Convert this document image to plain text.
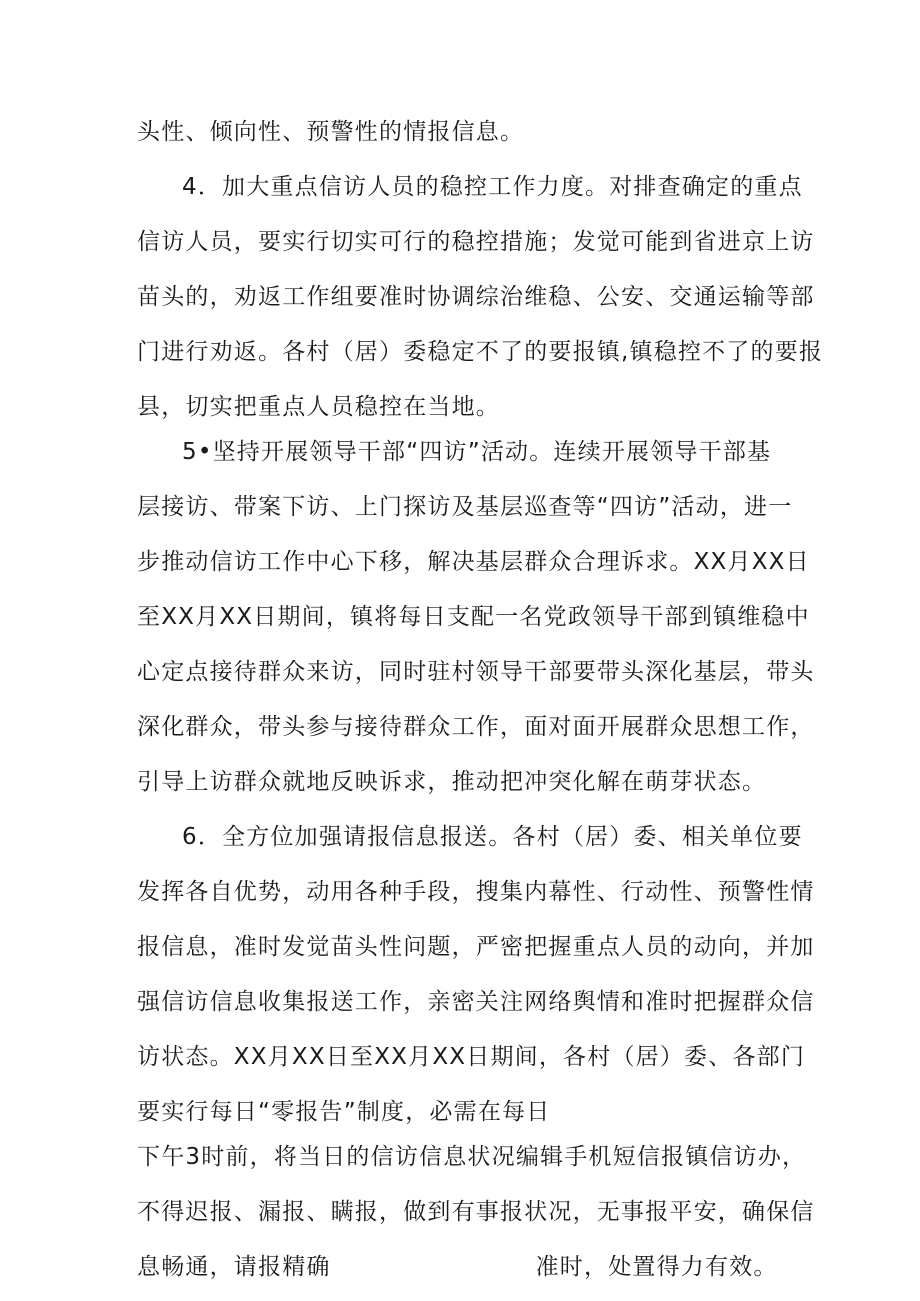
头性、倾向性、预警性的情报信息。
4．加大重点信访人员的稳控工作力度。对排查确定的重点
信访人员，要实行切实可行的稳控措施；发觉可能到省进京上访
苗头的，劝返工作组要准时协调综治维稳、公安、交通运输等部
门进行劝返。各村（居）委稳定不了的要报镇,镇稳控不了的要报
县，切实把重点人员稳控在当地。
5•坚持开展领导干部“四访”活动。连续开展领导干部基
层接访、带案下访、上门探访及基层巡查等“四访”活动，进一
步推动信访工作中心下移，解决基层群众合理诉求。XX月XX日
至XX月XX日期间，镇将每日支配一名党政领导干部到镇维稳中
心定点接待群众来访，同时驻村领导干部要带头深化基层，带头
深化群众，带头参与接待群众工作，面对面开展群众思想工作，
引导上访群众就地反映诉求，推动把冲突化解在萌芽状态。
6．全方位加强请报信息报送。各村（居）委、相关单位要
发挥各自优势，动用各种手段，搜集内幕性、行动性、预警性情
报信息，准时发觉苗头性问题，严密把握重点人员的动向，并加
强信访信息收集报送工作，亲密关注网络舆情和准时把握群众信
访状态。XX月XX日至XX月XX日期间，各村（居）委、各部门
要实行每日“零报告”制度，必需在每日
下午3时前，将当日的信访信息状况编辑手机短信报镇信访办，
不得迟报、漏报、瞒报，做到有事报状况，无事报平安，确保信
息畅通，请报精确	准时，处置得力有效。
